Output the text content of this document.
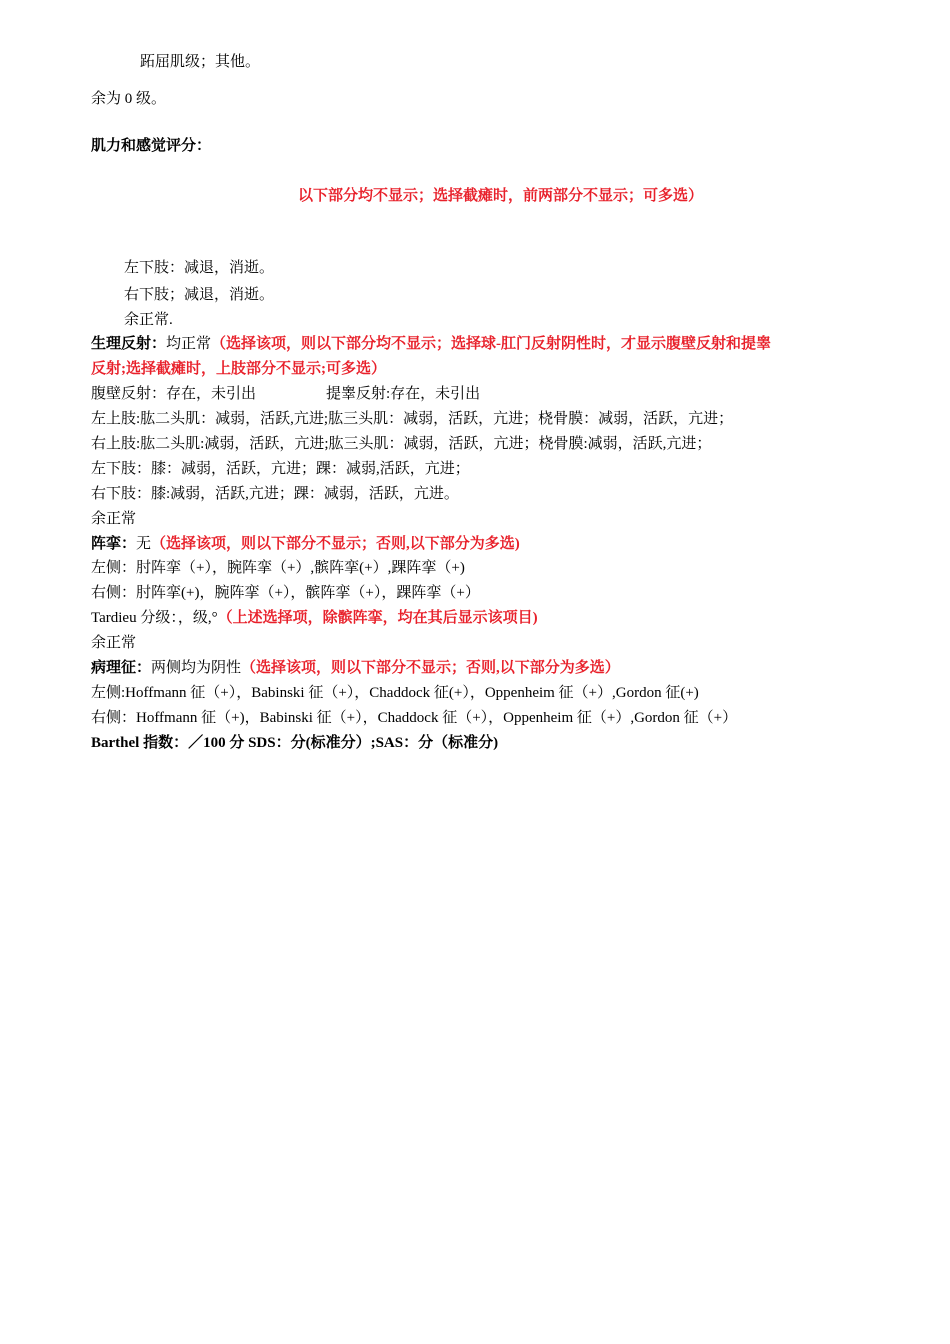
跖屈肌级；其他。
余为 0 级。
肌力和感觉评分：
以下部分均不显示；选择截瘫时，前两部分不显示；可多选）
左下肢：减退，消逝。
右下肢；减退，消逝。
余正常.
生理反射：均正常（选择该项，则以下部分均不显示；选择球-肛门反射阴性时，才显示腹壁反射和提睾
反射;选择截瘫时，上肢部分不显示;可多选）
腹壁反射：存在，未引出	提睾反射:存在，未引出
左上肢:肱二头肌：减弱，活跃,亢进;肱三头肌：减弱，活跃，亢进；桡骨膜：减弱，活跃，亢进；
右上肢:肱二头肌:减弱，活跃，亢进;肱三头肌：减弱，活跃，亢进；桡骨膜:减弱，活跃,亢进；
左下肢：膝：减弱，活跃，亢进；踝：减弱,活跃，亢进；
右下肢：膝:减弱，活跃,亢进；踝：减弱，活跃，亢进。
余正常
阵挛：无（选择该项，则以下部分不显示；否则,以下部分为多选)
左侧：肘阵挛（+），腕阵挛（+）,髌阵挛(+）,踝阵挛（+)
右侧：肘阵挛(+)，腕阵挛（+），髌阵挛（+），踝阵挛（+）
Tardieu 分级：，级,°（上述选择项，除髌阵挛，均在其后显示该项目)
余正常
病理征：两侧均为阴性（选择该项，则以下部分不显示；否则,以下部分为多选）
左侧:Hoffmann 征（+），Babinski 征（+），Chaddock 征(+），Oppenheim 征（+）,Gordon 征(+)
右侧：Hoffmann 征（+)，Babinski 征（+），Chaddock 征（+），Oppenheim 征（+）,Gordon 征（+）
Barthel 指数：／100 分 SDS：分(标准分）;SAS：分（标准分)
